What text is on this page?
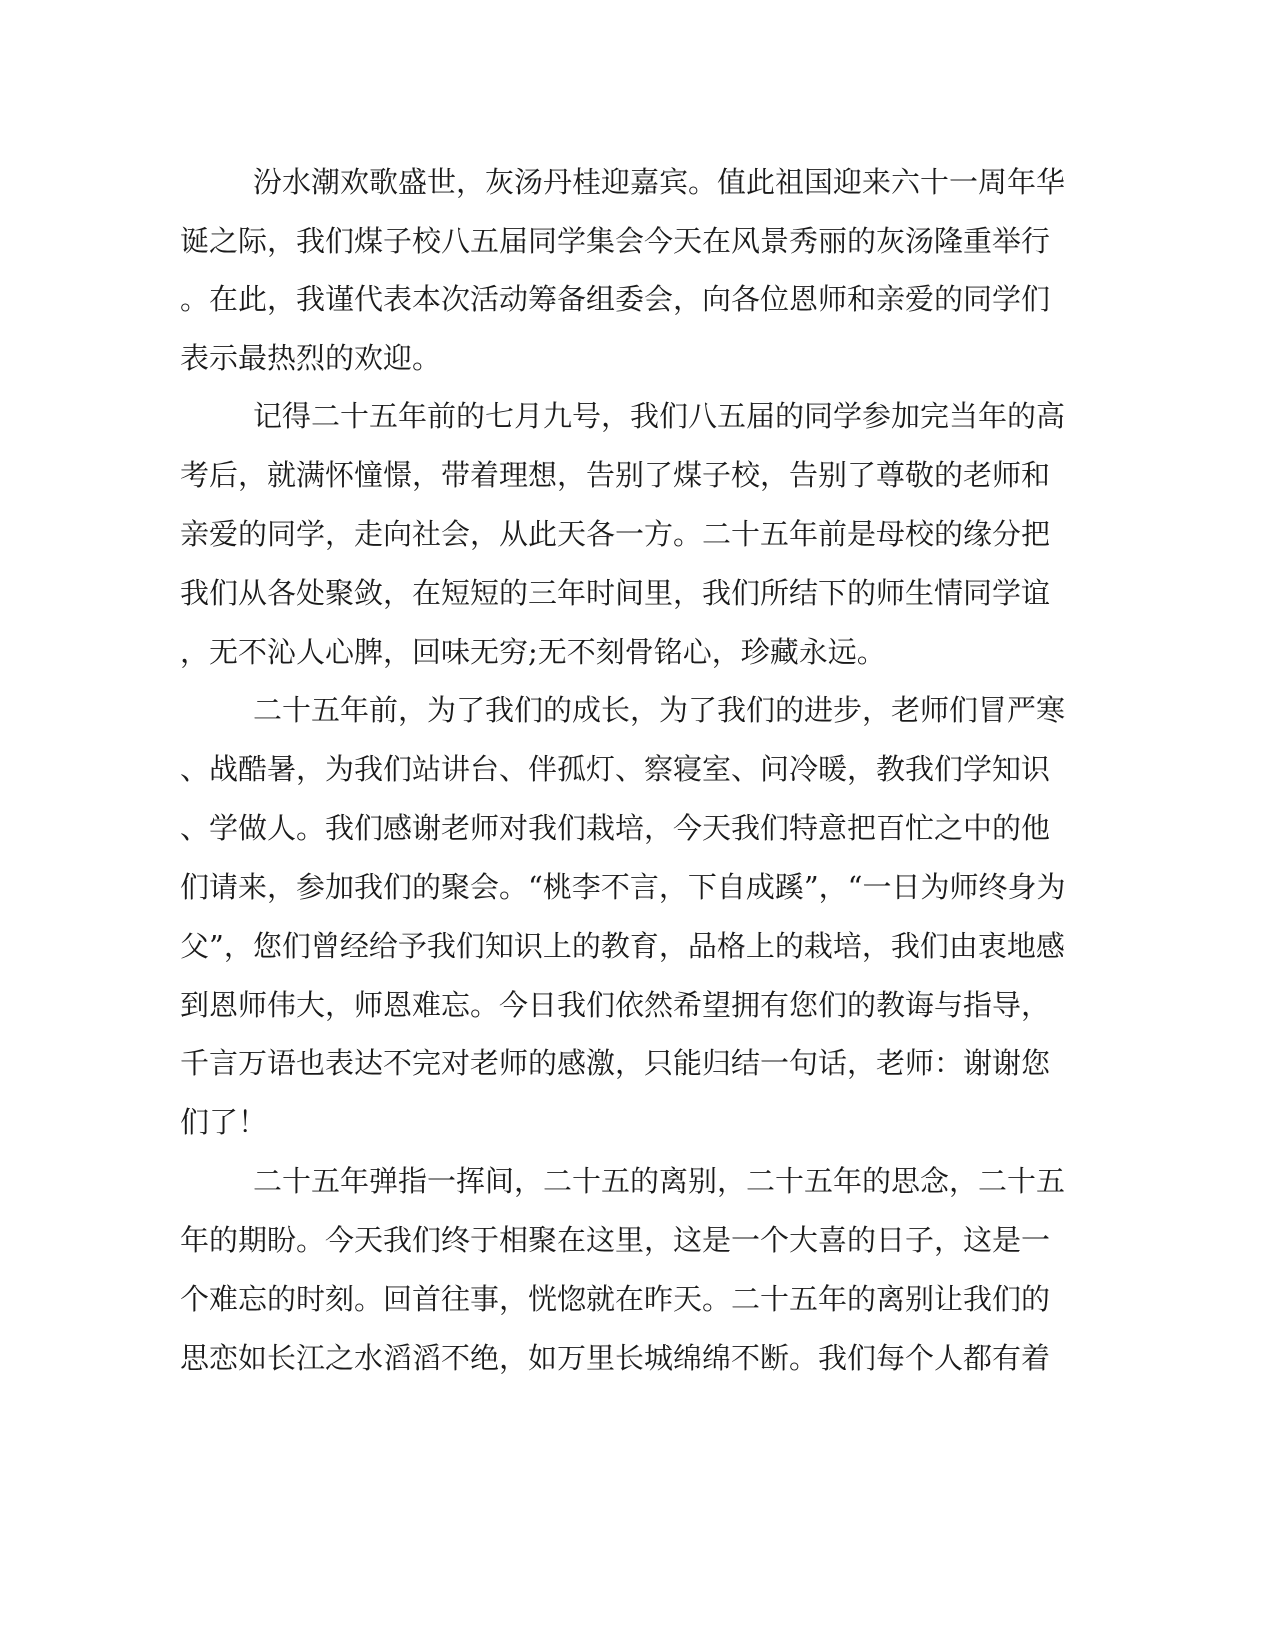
汾水潮欢歌盛世，灰汤丹桂迎嘉宾。值此祖国迎来六十一周年华
诞之际，我们煤子校八五届同学集会今天在风景秀丽的灰汤隆重举行
。在此，我谨代表本次活动筹备组委会，向各位恩师和亲爱的同学们
表示最热烈的欢迎。
记得二十五年前的七月九号，我们八五届的同学参加完当年的高
考后，就满怀憧憬，带着理想，告别了煤子校，告别了尊敬的老师和
亲爱的同学，走向社会，从此天各一方。二十五年前是母校的缘分把
我们从各处聚敛，在短短的三年时间里，我们所结下的师生情同学谊
，无不沁人心脾，回味无穷;无不刻骨铭心，珍藏永远。
二十五年前，为了我们的成长，为了我们的进步，老师们冒严寒
、战酷暑，为我们站讲台、伴孤灯、察寝室、问冷暖，教我们学知识
、学做人。我们感谢老师对我们栽培，今天我们特意把百忙之中的他
们请来，参加我们的聚会。“桃李不言，下自成蹊”，“一日为师终身为
父”，您们曾经给予我们知识上的教育，品格上的栽培，我们由衷地感
到恩师伟大，师恩难忘。今日我们依然希望拥有您们的教诲与指导，
千言万语也表达不完对老师的感激，只能归结一句话，老师：谢谢您
们了！
二十五年弹指一挥间，二十五的离别，二十五年的思念，二十五
年的期盼。今天我们终于相聚在这里，这是一个大喜的日子，这是一
个难忘的时刻。回首往事，恍惚就在昨天。二十五年的离别让我们的
思恋如长江之水滔滔不绝，如万里长城绵绵不断。我们每个人都有着
